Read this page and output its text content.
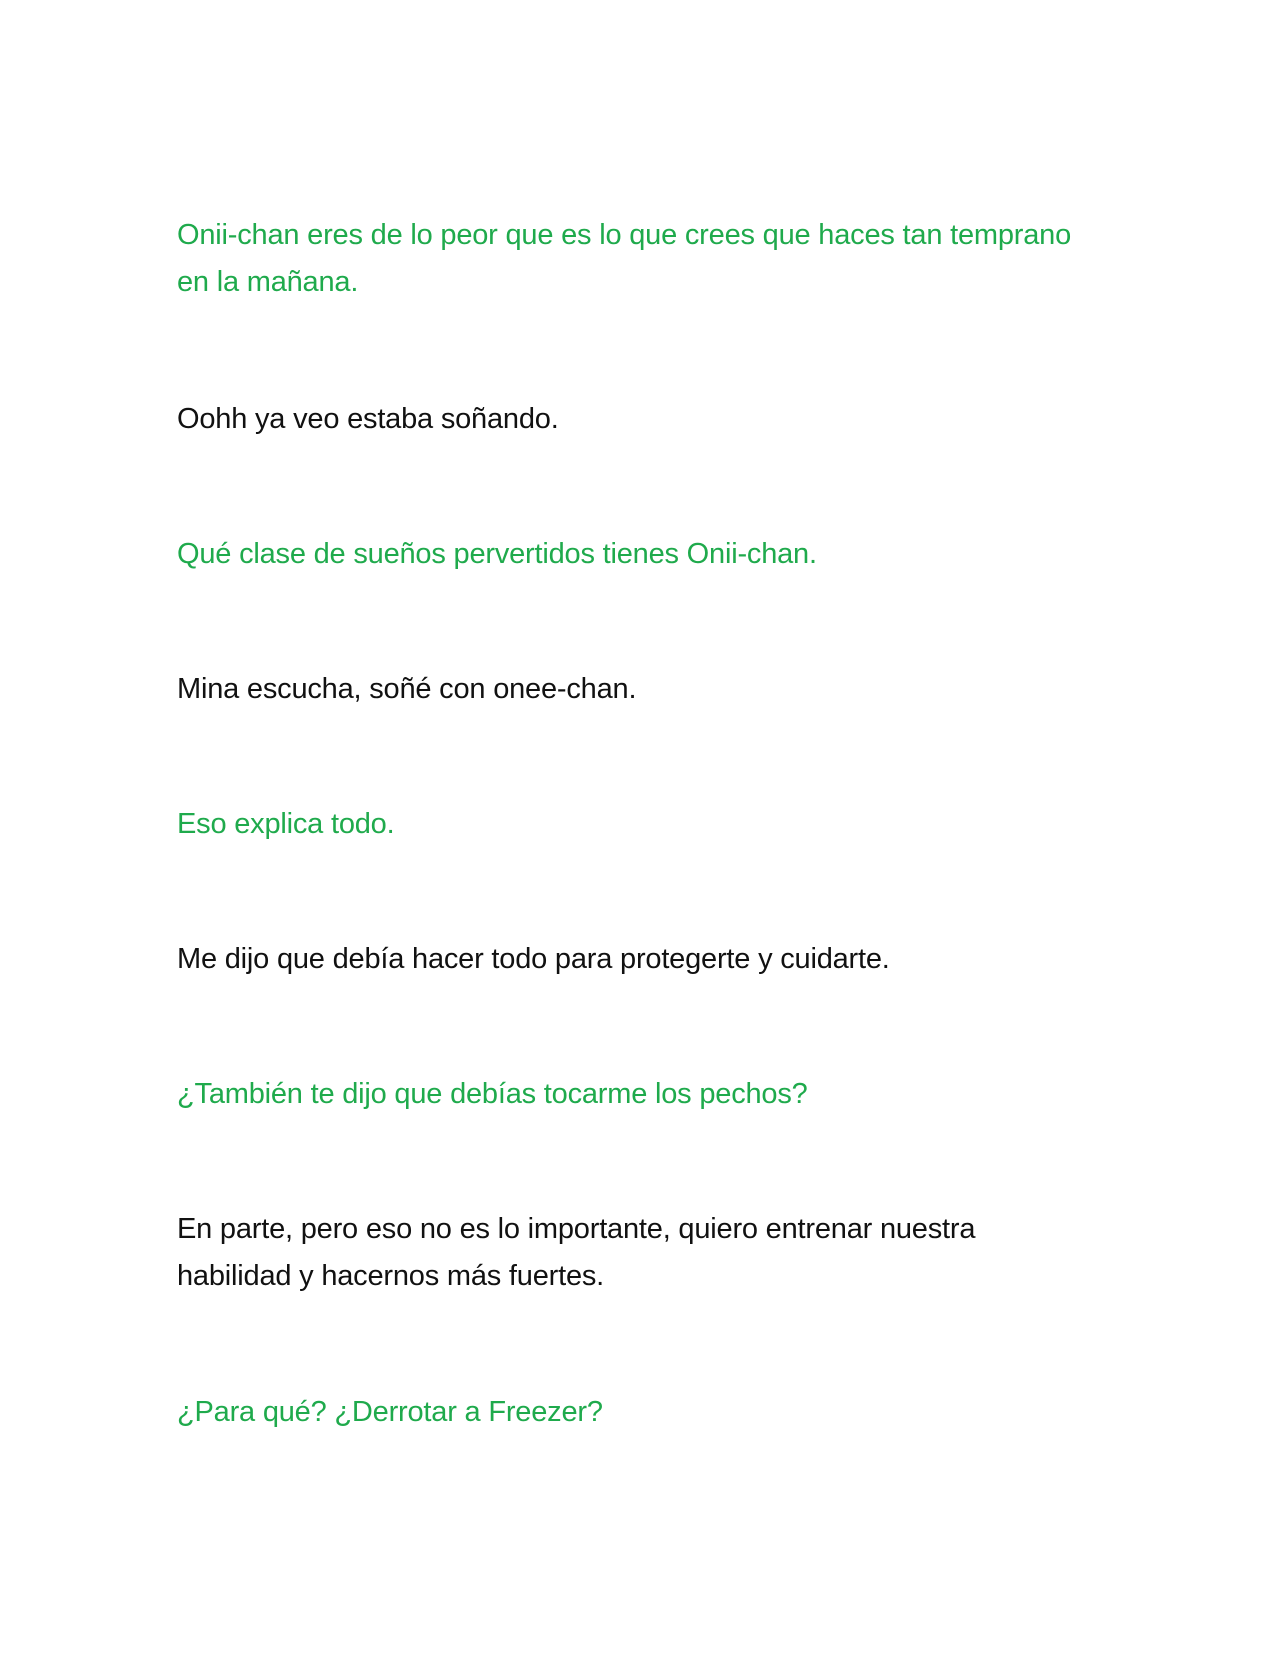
Onii-chan eres de lo peor que es lo que crees que haces tan temprano en la mañana.

Oohh ya veo estaba soñando.

Qué clase de sueños pervertidos tienes Onii-chan.

Mina escucha, soñé con onee-chan.

Eso explica todo.

Me dijo que debía hacer todo para protegerte y cuidarte.

¿También te dijo que debías tocarme los pechos?

En parte, pero eso no es lo importante, quiero entrenar nuestra habilidad y hacernos más fuertes.

¿Para qué? ¿Derrotar a Freezer?
